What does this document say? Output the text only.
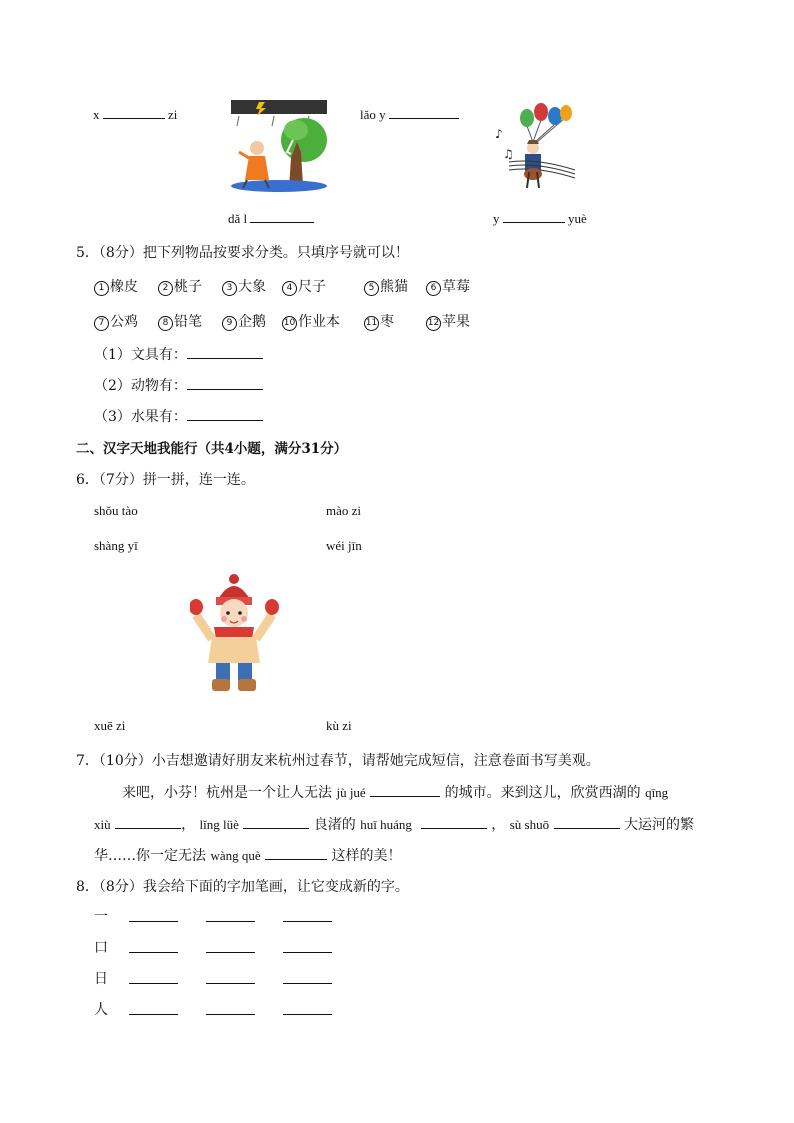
x	zi	lǎo y
♪
♫
dǎ l	y	yuè
5．（8分）把下列物品按要求分类。只填序号就可以！
1 橡皮	2 桃子	3 大象 4 尺子	5 熊猫	6 草莓
7 公鸡	8 铅笔	9 企鹅 10 作业本	11 枣	12 苹果
（1）文具有：
（2）动物有：
（3）水果有：
二、汉字天地我能行（共4小题，满分31分）
6．（7分）拼一拼，连一连。
shǒu tào	mào zi
shàng yī	wéi jīn
xuē zi	kù zi
7．（10分）小吉想邀请好朋友来杭州过春节，请帮她完成短信，注意卷面书写美观。
来吧，小芬！杭州是一个让人无法 jù jué	的城市。来到这儿，欣赏西湖的 qīng
xiù	， lǐng lüè	良渚的 huī huáng	， sù shuō	大运河的繁
华……你一定无法 wàng què	这样的美！
8．（8分）我会给下面的字加笔画，让它变成新的字。
一
口
日
人
